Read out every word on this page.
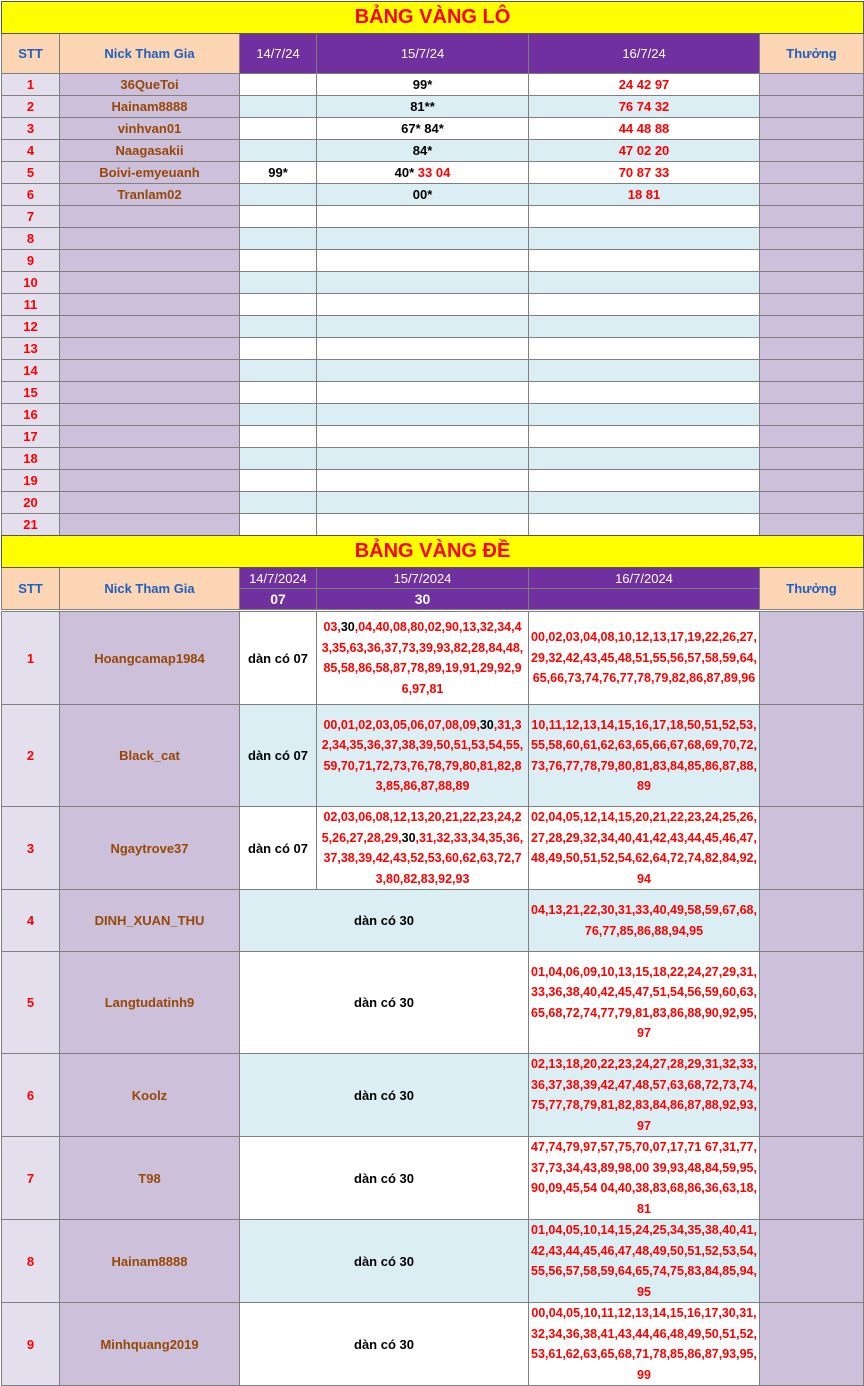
BẢNG VÀNG LÔ
STT	Nick Tham Gia	14/7/24	15/7/24	16/7/24	Thưởng

1	36QueToi		99*	24 42 97	
2	Hainam8888		81**	76 74 32	
3	vinhvan01		67* 84*	44 48 88	
4	Naagasakii		84*	47 02 20	
5	Boivi-emyeuanh	99*	40* 33 04	70 87 33	
6	Tranlam02		00*	18 81	
7					
8					
9					
10					
11					
12					
13					
14					
15					
16					
17					
18					
19					
20					
21					
BẢNG VÀNG ĐỀ					
STT	Nick Tham Gia	14/7/2024	15/7/2024	16/7/2024	Thưởng
		07	30		
1	Hoangcamap1984	dàn có 07	03,30,04,40,08,80,02,90,13,32,34,43,35,63,36,37,73,39,93,82,28,84,48,85,58,86,58,87,78,89,19,91,29,92,96,97,81	00,02,03,04,08,10,12,13,17,19,22,26,27,29,32,42,43,45,48,51,55,56,57,58,59,64,65,66,73,74,76,77,78,79,82,86,87,89,96	
2	Black_cat	dàn có 07	00,01,02,03,05,06,07,08,09,30,31,32,34,35,36,37,38,39,50,51,53,54,55,59,70,71,72,73,76,78,79,80,81,82,83,85,86,87,88,89	10,11,12,13,14,15,16,17,18,50,51,52,53,55,58,60,61,62,63,65,66,67,68,69,70,72,73,76,77,78,79,80,81,83,84,85,86,87,88,89	
3	Ngaytrove37	dàn có 07	02,03,06,08,12,13,20,21,22,23,24,25,26,27,28,29,30,31,32,33,34,35,36,37,38,39,42,43,52,53,60,62,63,72,73,80,82,83,92,93	02,04,05,12,14,15,20,21,22,23,24,25,26,27,28,29,32,34,40,41,42,43,44,45,46,47,48,49,50,51,52,54,62,64,72,74,82,84,92,94	
4	DINH_XUAN_THU	dàn có 30		04,13,21,22,30,31,33,40,49,58,59,67,68,76,77,85,86,88,94,95	
5	Langtudatinh9	dàn có 30		01,04,06,09,10,13,15,18,22,24,27,29,31,33,36,38,40,42,45,47,51,54,56,59,60,63,65,68,72,74,77,79,81,83,86,88,90,92,95,97	
6	Koolz	dàn có 30		02,13,18,20,22,23,24,27,28,29,31,32,33,36,37,38,39,42,47,48,57,63,68,72,73,74,75,77,78,79,81,82,83,84,86,87,88,92,93,97	
7	T98	dàn có 30		47,74,79,97,57,75,70,07,17,71 67,31,77,37,73,34,43,89,98,00 39,93,48,84,59,95,90,09,45,54 04,40,38,83,68,86,36,63,18,81	
8	Hainam8888	dàn có 30		01,04,05,10,14,15,24,25,34,35,38,40,41,42,43,44,45,46,47,48,49,50,51,52,53,54,55,56,57,58,59,64,65,74,75,83,84,85,94,95	
9	Minhquang2019	dàn có 30		00,04,05,10,11,12,13,14,15,16,17,30,31,32,34,36,38,41,43,44,46,48,49,50,51,52,53,61,62,63,65,68,71,78,85,86,87,93,95,99	
